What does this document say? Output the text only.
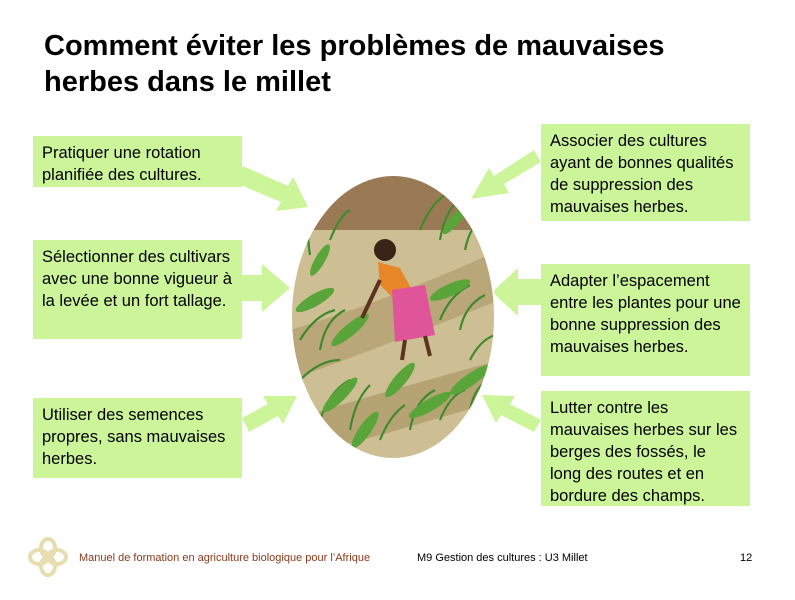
Comment éviter les problèmes de mauvaises herbes dans le millet
Pratiquer une rotation planifiée des cultures.
Sélectionner des cultivars avec une bonne vigueur à la levée et un fort tallage.
Utiliser des semences propres, sans mauvaises herbes.
Associer des cultures ayant de bonnes qualités de suppression des mauvaises herbes.
Adapter l’espacement entre les plantes pour une bonne suppression des mauvaises herbes.
Lutter contre les mauvaises herbes sur les berges des fossés, le long des routes et en bordure des champs.
Manuel de formation en agriculture biologique pour l’Afrique	M9 Gestion des cultures : U3 Millet	12
